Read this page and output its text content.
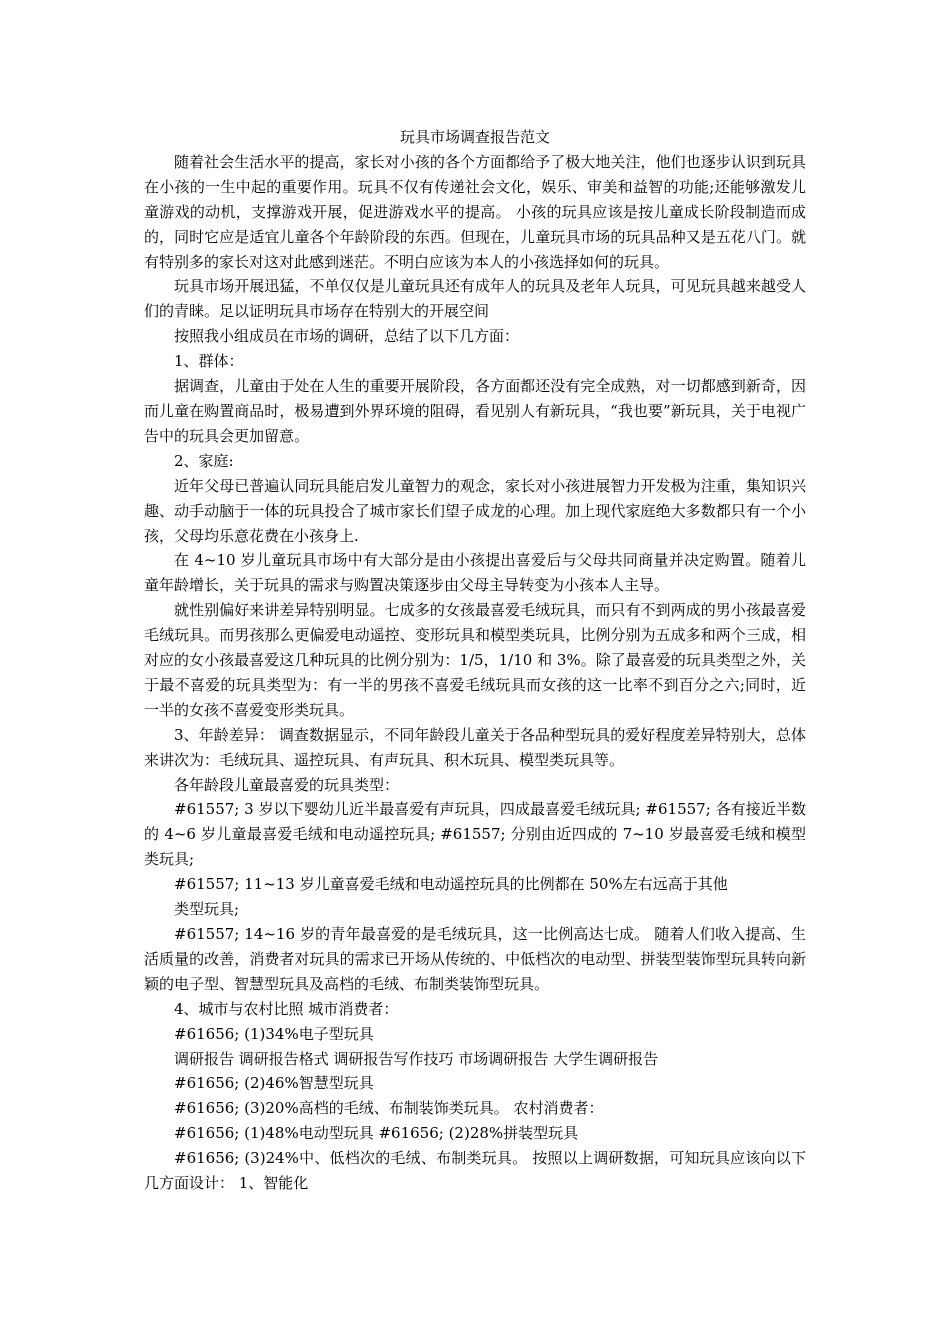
玩具市场调查报告范文

随着社会生活水平的提高，家长对小孩的各个方面都给予了极大地关注，他们也逐步认识到玩具在小孩的一生中起的重要作用。玩具不仅有传递社会文化，娱乐、审美和益智的功能;还能够激发儿童游戏的动机，支撑游戏开展，促进游戏水平的提高。 小孩的玩具应该是按儿童成长阶段制造而成的，同时它应是适宜儿童各个年龄阶段的东西。但现在，儿童玩具市场的玩具品种又是五花八门。就有特别多的家长对这对此感到迷茫。不明白应该为本人的小孩选择如何的玩具。

玩具市场开展迅猛，不单仅仅是儿童玩具还有成年人的玩具及老年人玩具，可见玩具越来越受人们的青睐。足以证明玩具市场存在特别大的开展空间

按照我小组成员在市场的调研，总结了以下几方面：

1、群体：

据调查，儿童由于处在人生的重要开展阶段，各方面都还没有完全成熟，对一切都感到新奇，因而儿童在购置商品时，极易遭到外界环境的阻碍，看见别人有新玩具，“我也要”新玩具，关于电视广告中的玩具会更加留意。

2、家庭:

近年父母已普遍认同玩具能启发儿童智力的观念，家长对小孩进展智力开发极为注重，集知识兴趣、动手动脑于一体的玩具投合了城市家长们望子成龙的心理。加上现代家庭绝大多数都只有一个小孩，父母均乐意花费在小孩身上.

在 4~10 岁儿童玩具市场中有大部分是由小孩提出喜爱后与父母共同商量并决定购置。随着儿童年龄增长，关于玩具的需求与购置决策逐步由父母主导转变为小孩本人主导。

就性别偏好来讲差异特别明显。七成多的女孩最喜爱毛绒玩具，而只有不到两成的男小孩最喜爱毛绒玩具。而男孩那么更偏爱电动遥控、变形玩具和模型类玩具，比例分别为五成多和两个三成，相对应的女小孩最喜爱这几种玩具的比例分别为：1/5，1/10 和 3%。除了最喜爱的玩具类型之外，关于最不喜爱的玩具类型为：有一半的男孩不喜爱毛绒玩具而女孩的这一比率不到百分之六;同时，近一半的女孩不喜爱变形类玩具。

3、年龄差异： 调查数据显示，不同年龄段儿童关于各品种型玩具的爱好程度差异特别大，总体来讲次为：毛绒玩具、遥控玩具、有声玩具、积木玩具、模型类玩具等。

各年龄段儿童最喜爱的玩具类型：

#61557; 3 岁以下婴幼儿近半最喜爱有声玩具，四成最喜爱毛绒玩具; #61557; 各有接近半数的 4~6 岁儿童最喜爱毛绒和电动遥控玩具; #61557; 分别由近四成的 7~10 岁最喜爱毛绒和模型类玩具;

#61557; 11~13 岁儿童喜爱毛绒和电动遥控玩具的比例都在 50%左右远高于其他

类型玩具;

#61557; 14~16 岁的青年最喜爱的是毛绒玩具，这一比例高达七成。 随着人们收入提高、生活质量的改善，消费者对玩具的需求已开场从传统的、中低档次的电动型、拼装型装饰型玩具转向新颖的电子型、智慧型玩具及高档的毛绒、布制类装饰型玩具。

4、城市与农村比照 城市消费者：

#61656; (1)34%电子型玩具

调研报告 调研报告格式 调研报告写作技巧 市场调研报告 大学生调研报告

#61656; (2)46%智慧型玩具

#61656; (3)20%高档的毛绒、布制装饰类玩具。 农村消费者：

#61656; (1)48%电动型玩具 #61656; (2)28%拼装型玩具

#61656; (3)24%中、低档次的毛绒、布制类玩具。 按照以上调研数据，可知玩具应该向以下几方面设计： 1、智能化
